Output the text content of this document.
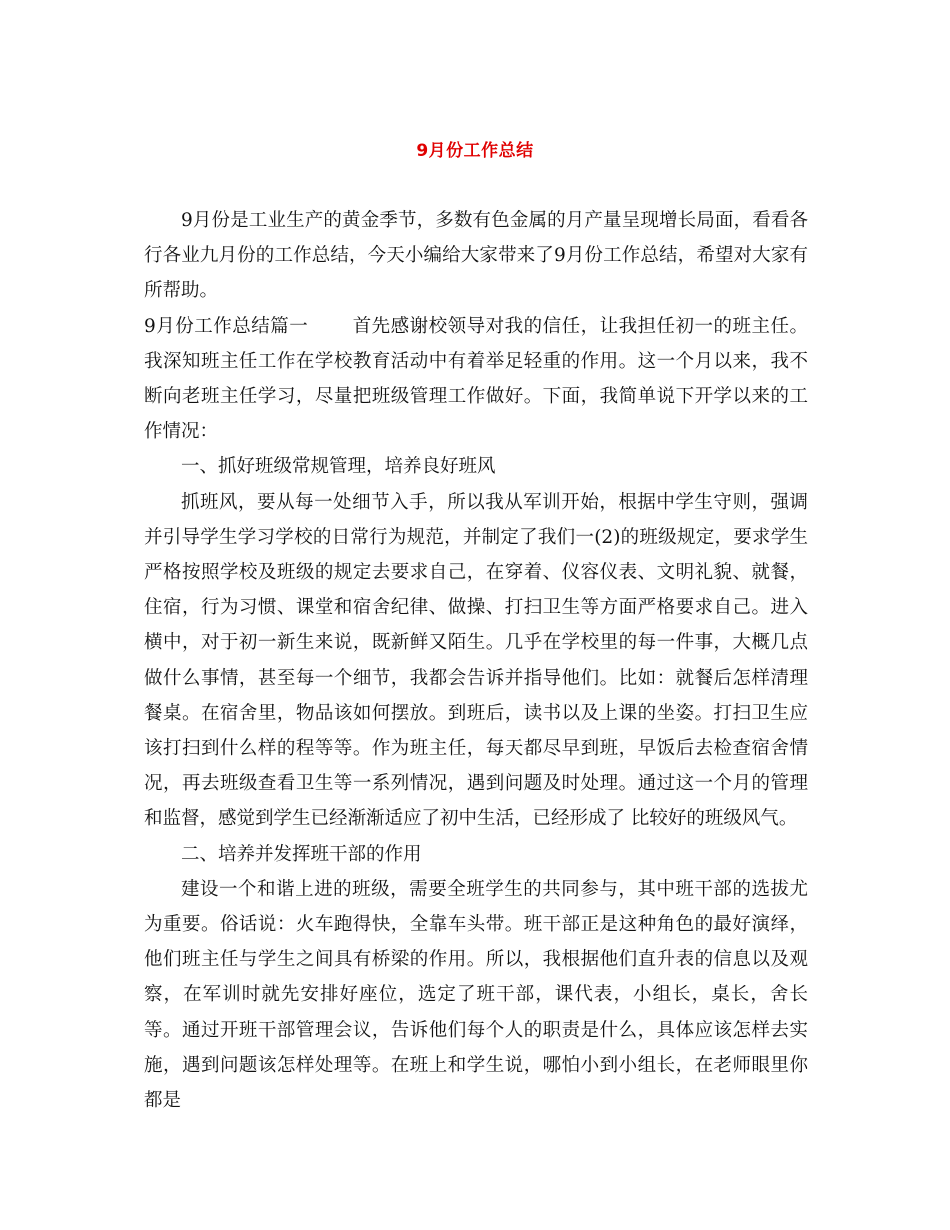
9月份工作总结

9月份是工业生产的黄金季节，多数有色金属的月产量呈现增长局面，看看各行各业九月份的工作总结，今天小编给大家带来了9月份工作总结，希望对大家有所帮助。

9月份工作总结篇一 首先感谢校领导对我的信任，让我担任初一的班主任。我深知班主任工作在学校教育活动中有着举足轻重的作用。这一个月以来，我不断向老班主任学习，尽量把班级管理工作做好。下面，我简单说下开学以来的工作情况：

一、抓好班级常规管理，培养良好班风

抓班风，要从每一处细节入手，所以我从军训开始，根据中学生守则，强调并引导学生学习学校的日常行为规范，并制定了我们一(2)的班级规定，要求学生严格按照学校及班级的规定去要求自己，在穿着、仪容仪表、文明礼貌、就餐，住宿，行为习惯、课堂和宿舍纪律、做操、打扫卫生等方面严格要求自己。进入横中，对于初一新生来说，既新鲜又陌生。几乎在学校里的每一件事，大概几点做什么事情，甚至每一个细节，我都会告诉并指导他们。比如：就餐后怎样清理餐桌。在宿舍里，物品该如何摆放。到班后，读书以及上课的坐姿。打扫卫生应该打扫到什么样的程等等。作为班主任，每天都尽早到班，早饭后去检查宿舍情况，再去班级查看卫生等一系列情况，遇到问题及时处理。通过这一个月的管理和监督，感觉到学生已经渐渐适应了初中生活，已经形成了 比较好的班级风气。

二、培养并发挥班干部的作用

建设一个和谐上进的班级，需要全班学生的共同参与，其中班干部的选拔尤为重要。俗话说：火车跑得快，全靠车头带。班干部正是这种角色的最好演绎，他们班主任与学生之间具有桥梁的作用。所以，我根据他们直升表的信息以及观察，在军训时就先安排好座位，选定了班干部，课代表，小组长，桌长，舍长等。通过开班干部管理会议，告诉他们每个人的职责是什么，具体应该怎样去实施，遇到问题该怎样处理等。在班上和学生说，哪怕小到小组长，在老师眼里你都是
